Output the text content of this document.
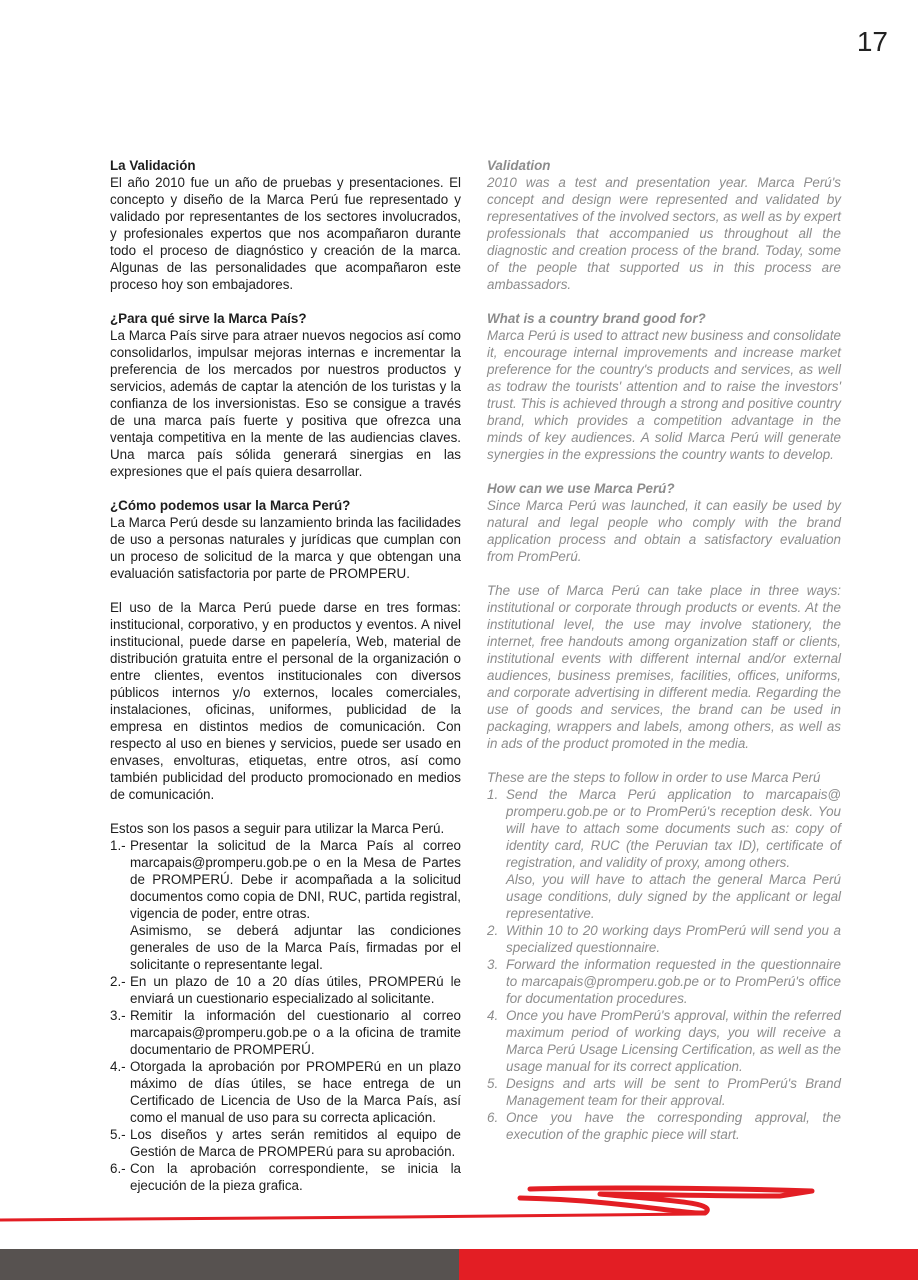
17
La Validación

El año 2010 fue un año de pruebas y presentaciones. El concepto y diseño de la Marca Perú fue representado y validado por representantes de los sectores involucrados, y profesionales expertos que nos acompañaron durante todo el proceso de diagnóstico y creación de la marca. Algunas de las personalidades que acompañaron este proceso hoy son embajadores.

¿Para qué sirve la Marca País?

La Marca País sirve para atraer nuevos negocios así como consolidarlos, impulsar mejoras internas e incrementar la preferencia de los mercados por nuestros productos y servicios, además de captar la atención de los turistas y la confianza de los inversionistas. Eso se consigue a través de una marca país fuerte y positiva que ofrezca una ventaja competitiva en la mente de las audiencias claves. Una marca país sólida generará sinergias en las expresiones que el país quiera desarrollar.

¿Cómo podemos usar la Marca Perú?

La Marca Perú desde su lanzamiento brinda las facilidades de uso a personas naturales y jurídicas que cumplan con un proceso de solicitud de la marca y que obtengan una evaluación satisfactoria por parte de PROMPERU.

El uso de la Marca Perú puede darse en tres formas: institucional, corporativo, y en productos y eventos. A nivel institucional, puede darse en papelería, Web, material de distribución gratuita entre el personal de la organización o entre clientes, eventos institucionales con diversos públicos internos y/o externos, locales comerciales, instalaciones, oficinas, uniformes, publicidad de la empresa en distintos medios de comunicación. Con respecto al uso en bienes y servicios, puede ser usado en envases, envolturas, etiquetas, entre otros, así como también publicidad del producto promocionado en medios de comunicación.

Estos son los pasos a seguir para utilizar la Marca Perú.

1.- Presentar la solicitud de la Marca País al correo marcapais@promperu.gob.pe o en la Mesa de Partes de PROMPERÚ. Debe ir acompañada a la solicitud documentos como copia de DNI, RUC, partida registral, vigencia de poder, entre otras.

Asimismo, se deberá adjuntar las condiciones generales de uso de la Marca País, firmadas por el solicitante o representante legal.

2.- En un plazo de 10 a 20 días útiles, PROMPERú le enviará un cuestionario especializado al solicitante.

3.- Remitir la información del cuestionario al correo marcapais@promperu.gob.pe o a la oficina de tramite documentario de PROMPERÚ.

4.- Otorgada la aprobación por PROMPERú en un plazo máximo de días útiles, se hace entrega de un Certificado de Licencia de Uso de la Marca País, así como el manual de uso para su correcta aplicación.

5.- Los diseños y artes serán remitidos al equipo de Gestión de Marca de PROMPERú para su aprobación.

6.- Con la aprobación correspondiente, se inicia la ejecución de la pieza grafica.

Validation

2010 was a test and presentation year. Marca Perú's concept and design were represented and validated by representatives of the involved sectors, as well as by expert professionals that accompanied us throughout all the diagnostic and creation process of the brand. Today, some of the people that supported us in this process are ambassadors.

What is a country brand good for?

Marca Perú is used to attract new business and consolidate it, encourage internal improvements and increase market preference for the country's products and services, as well as todraw the tourists' attention and to raise the investors' trust. This is achieved through a strong and positive country brand, which provides a competition advantage in the minds of key audiences. A solid Marca Perú will generate synergies in the expressions the country wants to develop.

How can we use Marca Perú?

Since Marca Perú was launched, it can easily be used by natural and legal people who comply with the brand application process and obtain a satisfactory evaluation from PromPerú.

The use of Marca Perú can take place in three ways: institutional or corporate through products or events. At the institutional level, the use may involve stationery, the internet, free handouts among organization staff or clients, institutional events with different internal and/or external audiences, business premises, facilities, offices, uniforms, and corporate advertising in different media. Regarding the use of goods and services, the brand can be used in packaging, wrappers and labels, among others, as well as in ads of the product promoted in the media.

These are the steps to follow in order to use Marca Perú

1. Send the Marca Perú application to marcapais@ promperu.gob.pe or to PromPerú's reception desk. You will have to attach some documents such as: copy of identity card, RUC (the Peruvian tax ID), certificate of registration, and validity of proxy, among others.

Also, you will have to attach the general Marca Perú usage conditions, duly signed by the applicant or legal representative.

2. Within 10 to 20 working days PromPerú will send you a specialized questionnaire.

3. Forward the information requested in the questionnaire to marcapais@promperu.gob.pe or to PromPerú's office for documentation procedures.

4. Once you have PromPerú's approval, within the referred maximum period of working days, you will receive a Marca Perú Usage Licensing Certification, as well as the usage manual for its correct application.

5. Designs and arts will be sent to PromPerú's Brand Management team for their approval.

6. Once you have the corresponding approval, the execution of the graphic piece will start.
